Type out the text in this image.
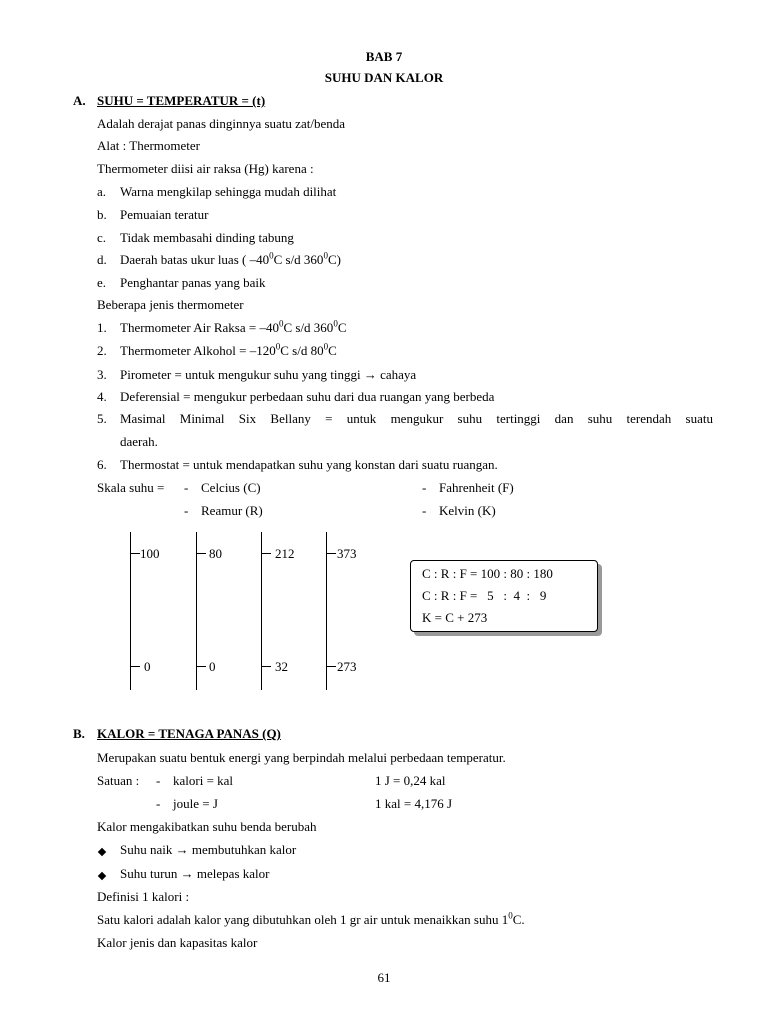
BAB 7
SUHU DAN KALOR
A. SUHU = TEMPERATUR = (t)
Adalah derajat panas dinginnya suatu zat/benda
Alat : Thermometer
Thermometer diisi air raksa (Hg) karena :
a. Warna mengkilap sehingga mudah dilihat
b. Pemuaian teratur
c. Tidak membasahi dinding tabung
d. Daerah batas ukur luas ( $-40^0C$ s/d $360^0C$)
e. Penghantar panas yang baik
Beberapa jenis thermometer
1. Thermometer Air Raksa = $-40^0C$ s/d $360^0C$
2. Thermometer Alkohol = $-120^0C$ s/d $80^0C$
3. Pirometer = untuk mengukur suhu yang tinggi → cahaya
4. Deferensial = mengukur perbedaan suhu dari dua ruangan yang berbeda
5. Masimal Minimal Six Bellany = untuk mengukur suhu tertinggi dan suhu terendah suatu
daerah.
6. Thermostat = untuk mendapatkan suhu yang konstan dari suatu ruangan.
Skala suhu = - Celcius (C)	- Fahrenheit (F)
- Reamur (R)	- Kelvin (K)
100	80	212	373
0	0	32	273
C : R : F = 100 : 80 : 180
C : R : F =   5   :  4  :   9
K = C + 273
B. KALOR = TENAGA PANAS (Q)
Merupakan suatu bentuk energi yang berpindah melalui perbedaan temperatur.
Satuan : - kalori = kal	1 J = 0,24 kal
- joule = J	1 kal = 4,176 J
Kalor mengakibatkan suhu benda berubah
Suhu naik → membutuhkan kalor
Suhu turun → melepas kalor
Definisi 1 kalori :
Satu kalori adalah kalor yang dibutuhkan oleh 1 gr air untuk menaikkan suhu $1^0C$.
Kalor jenis dan kapasitas kalor
61
